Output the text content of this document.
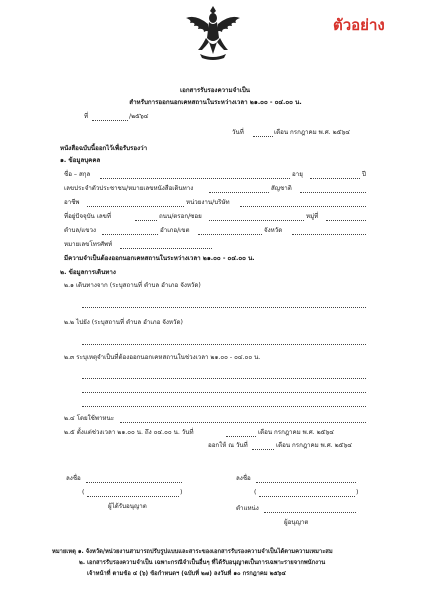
ตัวอย่าง
เอกสารรับรองความจำเป็น
สำหรับการออกนอกเคหสถานในระหว่างเวลา ๒๑.๐๐ - ๐๔.๐๐ น.
ที่	/๒๕๖๔
วันที่	เดือน กรกฎาคม พ.ศ. ๒๕๖๔
หนังสือฉบับนี้ออกไว้เพื่อรับรองว่า
๑. ข้อมูลบุคคล
ชื่อ – สกุล	อายุ	ปี
เลขประจำตัวประชาชน/หมายเลขหนังสือเดินทาง	สัญชาติ
อาชีพ	หน่วยงาน/บริษัท
ที่อยู่ปัจจุบัน เลขที่	ถนน/ตรอก/ซอย	หมู่ที่
ตำบล/แขวง	อำเภอ/เขต	จังหวัด
หมายเลขโทรศัพท์
มีความจำเป็นต้องออกนอกเคหสถานในระหว่างเวลา ๒๑.๐๐ - ๐๔.๐๐ น.
๒. ข้อมูลการเดินทาง
๒.๑ เดินทางจาก (ระบุสถานที่ ตำบล อำเภอ จังหวัด)
๒.๒ ไปยัง (ระบุสถานที่ ตำบล อำเภอ จังหวัด)
๒.๓ ระบุเหตุจำเป็นที่ต้องออกนอกเคหสถานในช่วงเวลา ๒๑.๐๐ - ๐๔.๐๐ น.
๒.๔ โดยใช้พาหนะ
๒.๕ ตั้งแต่ช่วงเวลา ๒๑.๐๐ น. ถึง ๐๔.๐๐ น. วันที่	เดือน กรกฎาคม พ.ศ. ๒๕๖๔
ออกให้ ณ วันที่	เดือน กรกฎาคม พ.ศ. ๒๕๖๔
ลงชื่อ
(	)
ผู้ได้รับอนุญาต
ลงชื่อ
(	)
ตำแหน่ง
ผู้อนุญาต
หมายเหตุ ๑. จังหวัด/หน่วยงานสามารถปรับรูปแบบและสาระของเอกสารรับรองความจำเป็นได้ตามความเหมาะสม
๒. เอกสารรับรองความจำเป็น เฉพาะกรณีจำเป็นอื่นๆ ที่ได้รับอนุญาตเป็นการเฉพาะรายจากพนักงาน
เจ้าหน้าที่ ตามข้อ ๔ (๖) ข้อกำหนดฯ (ฉบับที่ ๒๗) ลงวันที่ ๑๐ กรกฎาคม ๒๕๖๔
